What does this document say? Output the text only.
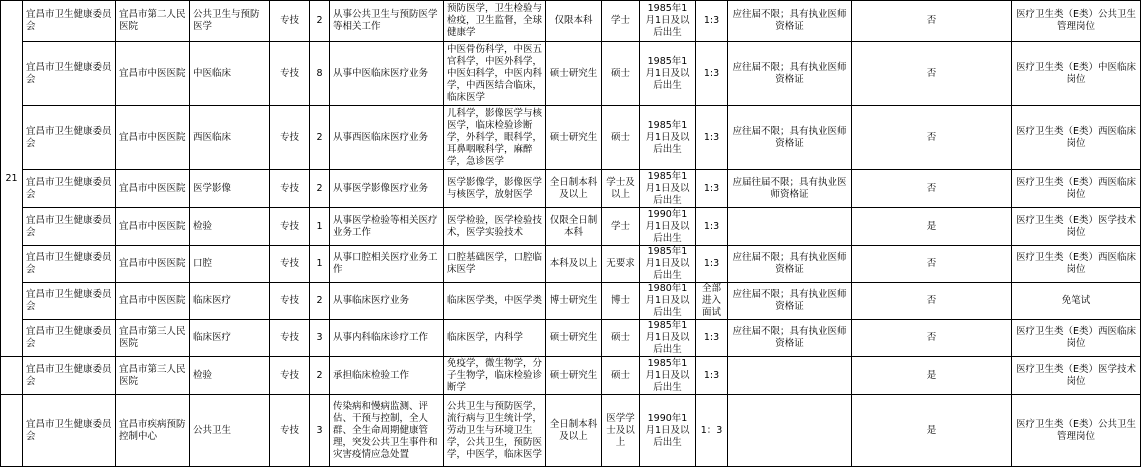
21	宜昌市卫生健康委员会	宜昌市第二人民医院	公共卫生与预防医学	专技	2	从事公共卫生与预防医学等相关工作	预防医学，卫生检验与检疫，卫生监督，全球健康学	仅限本科	学士	1985年1月1日及以后出生	1:3	应往届不限；具有执业医师资格证	否	医疗卫生类（E类）公共卫生管理岗位
	宜昌市卫生健康委员会	宜昌市中医医院	中医临床	专技	8	从事中医临床医疗业务	中医骨伤科学，中医五官科学，中医外科学，中医妇科学，中医内科学，中西医结合临床，临床医学	硕士研究生	硕士	1985年1月1日及以后出生	1:3	应往届不限；具有执业医师资格证	否	医疗卫生类（E类）中医临床岗位
	宜昌市卫生健康委员会	宜昌市中医医院	西医临床	专技	2	从事西医临床医疗业务	儿科学，影像医学与核医学，临床检验诊断学，外科学，眼科学，耳鼻咽喉科学，麻醉学，急诊医学	硕士研究生	硕士	1985年1月1日及以后出生	1:3	应往届不限；具有执业医师资格证	否	医疗卫生类（E类）西医临床岗位
	宜昌市卫生健康委员会	宜昌市中医医院	医学影像	专技	2	从事医学影像医疗业务	医学影像学，影像医学与核医学，放射医学	全日制本科及以上	学士及以上	1985年1月1日及以后出生	1:3	应届往届不限；具有执业医师资格证	否	医疗卫生类（E类）西医临床岗位
	宜昌市卫生健康委员会	宜昌市中医医院	检验	专技	1	从事医学检验等相关医疗业务工作	医学检验，医学检验技术，医学实验技术	仅限全日制本科	学士	1990年1月1日及以后出生	1:3		是	医疗卫生类（E类）医学技术岗位
	宜昌市卫生健康委员会	宜昌市中医医院	口腔	专技	1	从事口腔相关医疗业务工作	口腔基础医学，口腔临床医学	本科及以上	无要求	1985年1月1日及以后出生	1:3	应往届不限；具有执业医师资格证	否	医疗卫生类（E类）西医临床岗位
	宜昌市卫生健康委员会	宜昌市中医医院	临床医疗	专技	2	从事临床医疗业务	临床医学类，中医学类	博士研究生	博士	1980年1月1日及以后出生	全部进入面试	应往届不限；具有执业医师资格证	否	免笔试
	宜昌市卫生健康委员会	宜昌市第三人民医院	临床医疗	专技	3	从事内科临床诊疗工作	临床医学，内科学	硕士研究生	硕士	1985年1月1日及以后出生	1:3	应往届不限；具有执业医师资格证	否	医疗卫生类（E类）西医临床岗位
	宜昌市卫生健康委员会	宜昌市第三人民医院	检验	专技	2	承担临床检验工作	免疫学，微生物学，分子生物学，临床检验诊断学	硕士研究生	硕士	1985年1月1日及以后出生	1:3		是	医疗卫生类（E类）医学技术岗位
	宜昌市卫生健康委员会	宜昌市疾病预防控制中心	公共卫生	专技	3	传染病和慢病监测、评估、干预与控制，全人群、全生命周期健康管理，突发公共卫生事件和灾害疫情应急处置	公共卫生与预防医学，流行病与卫生统计学，劳动卫生与环境卫生学，公共卫生，预防医学，中医学，临床医学	全日制本科及以上	医学学士及以上	1990年1月1日及以后出生	1：3		是	医疗卫生类（E类）公共卫生管理岗位
